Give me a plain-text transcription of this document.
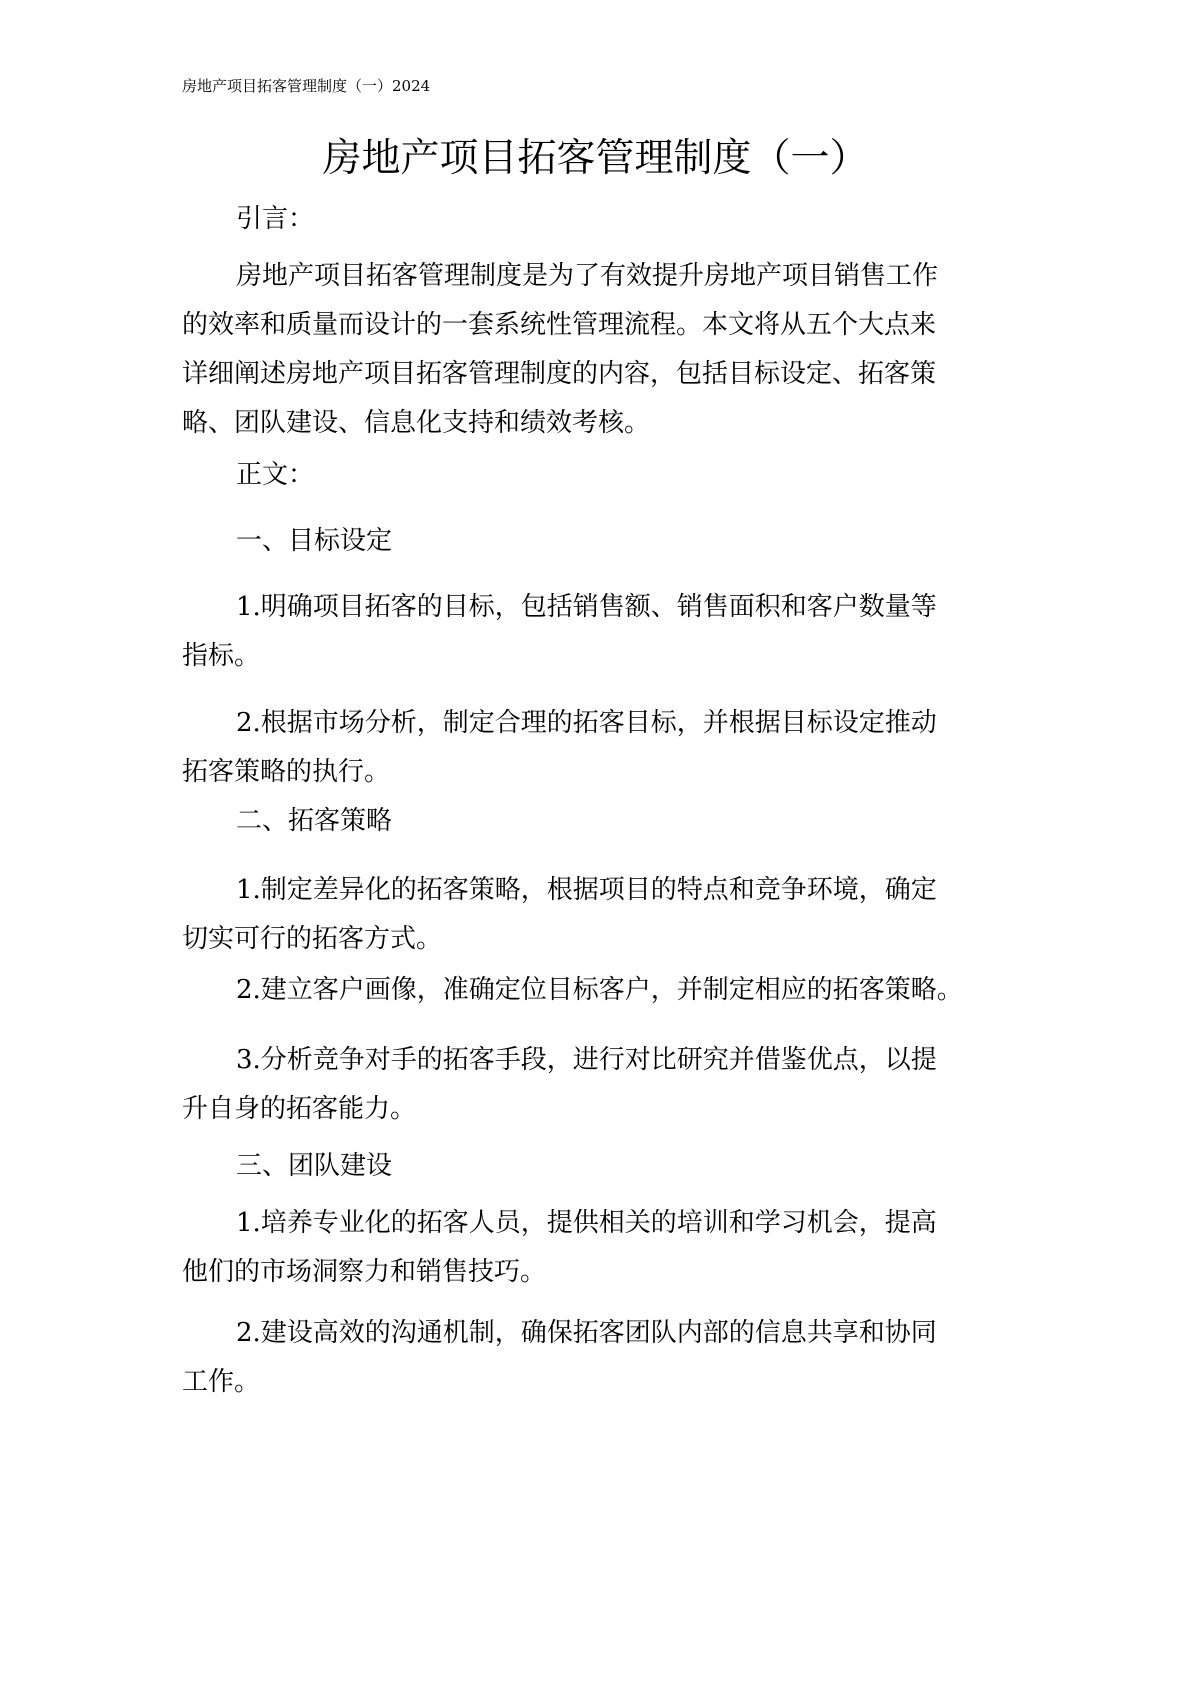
房地产项目拓客管理制度（一）2024
房地产项目拓客管理制度（一）
引言：
房地产项目拓客管理制度是为了有效提升房地产项目销售工作
的效率和质量而设计的一套系统性管理流程。本文将从五个大点来
详细阐述房地产项目拓客管理制度的内容，包括目标设定、拓客策
略、团队建设、信息化支持和绩效考核。
正文：
一、目标设定
1.明确项目拓客的目标，包括销售额、销售面积和客户数量等
指标。
2.根据市场分析，制定合理的拓客目标，并根据目标设定推动
拓客策略的执行。
二、拓客策略
1.制定差异化的拓客策略，根据项目的特点和竞争环境，确定
切实可行的拓客方式。
2.建立客户画像，准确定位目标客户，并制定相应的拓客策略。
3.分析竞争对手的拓客手段，进行对比研究并借鉴优点，以提
升自身的拓客能力。
三、团队建设
1.培养专业化的拓客人员，提供相关的培训和学习机会，提高
他们的市场洞察力和销售技巧。
2.建设高效的沟通机制，确保拓客团队内部的信息共享和协同
工作。
